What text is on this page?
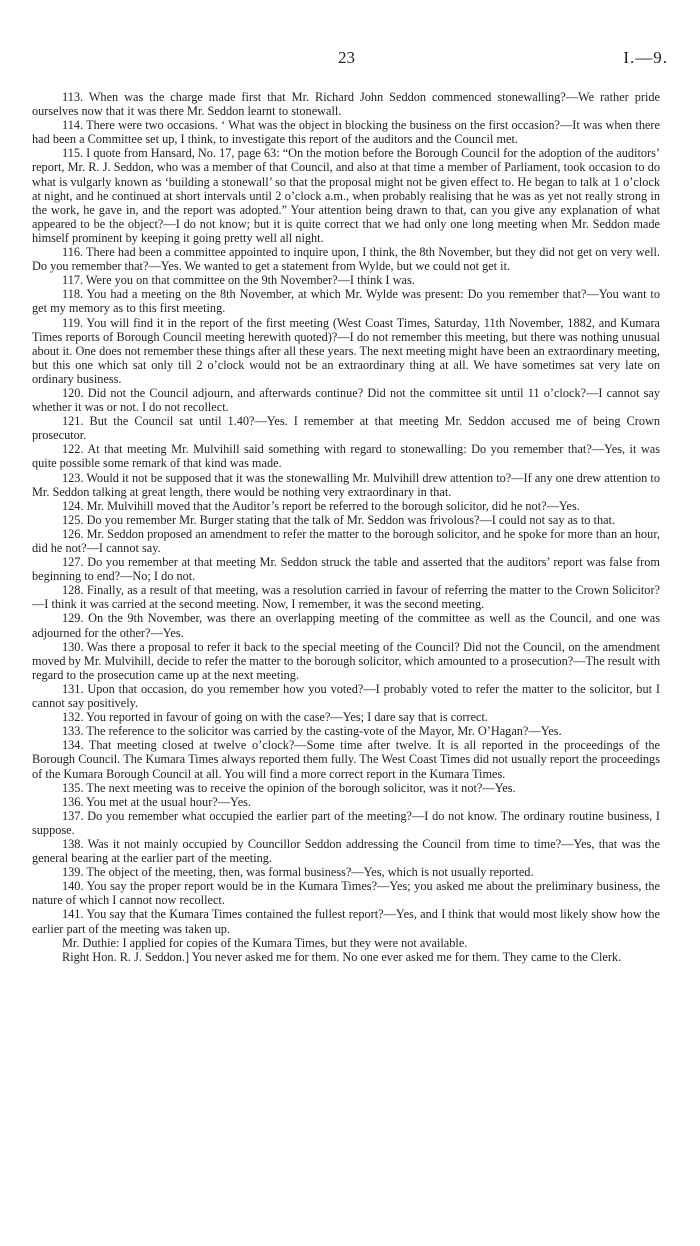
23	I.—9.

113. When was the charge made first that Mr. Richard John Seddon commenced stonewalling?—We rather pride ourselves now that it was there Mr. Seddon learnt to stonewall.

114. There were two occasions. ‘ What was the object in blocking the business on the first occasion?—It was when there had been a Committee set up, I think, to investigate this report of the auditors and the Council met.

115. I quote from Hansard, No. 17, page 63: “On the motion before the Borough Council for the adoption of the auditors’ report, Mr. R. J. Seddon, who was a member of that Council, and also at that time a member of Parliament, took occasion to do what is vulgarly known as ‘building a stonewall’ so that the proposal might not be given effect to. He began to talk at 1 o’clock at night, and he continued at short intervals until 2 o’clock a.m., when probably realising that he was as yet not really strong in the work, he gave in, and the report was adopted.” Your attention being drawn to that, can you give any explanation of what appeared to be the object?—I do not know; but it is quite correct that we had only one long meeting when Mr. Seddon made himself prominent by keeping it going pretty well all night.

116. There had been a committee appointed to inquire upon, I think, the 8th November, but they did not get on very well. Do you remember that?—Yes. We wanted to get a statement from Wylde, but we could not get it.

117. Were you on that committee on the 9th November?—I think I was.

118. You had a meeting on the 8th November, at which Mr. Wylde was present: Do you remember that?—You want to get my memory as to this first meeting.

119. You will find it in the report of the first meeting (West Coast Times, Saturday, 11th November, 1882, and Kumara Times reports of Borough Council meeting herewith quoted)?—I do not remember this meeting, but there was nothing unusual about it. One does not remember these things after all these years. The next meeting might have been an extraordinary meeting, but this one which sat only till 2 o’clock would not be an extraordinary thing at all. We have sometimes sat very late on ordinary business.

120. Did not the Council adjourn, and afterwards continue? Did not the committee sit until 11 o’clock?—I cannot say whether it was or not. I do not recollect.

121. But the Council sat until 1.40?—Yes. I remember at that meeting Mr. Seddon accused me of being Crown prosecutor.

122. At that meeting Mr. Mulvihill said something with regard to stonewalling: Do you remember that?—Yes, it was quite possible some remark of that kind was made.

123. Would it not be supposed that it was the stonewalling Mr. Mulvihill drew attention to?—If any one drew attention to Mr. Seddon talking at great length, there would be nothing very extraordinary in that.

124. Mr. Mulvihill moved that the Auditor’s report be referred to the borough solicitor, did he not?—Yes.

125. Do you remember Mr. Burger stating that the talk of Mr. Seddon was frivolous?—I could not say as to that.

126. Mr. Seddon proposed an amendment to refer the matter to the borough solicitor, and he spoke for more than an hour, did he not?—I cannot say.

127. Do you remember at that meeting Mr. Seddon struck the table and asserted that the auditors’ report was false from beginning to end?—No; I do not.

128. Finally, as a result of that meeting, was a resolution carried in favour of referring the matter to the Crown Solicitor?—I think it was carried at the second meeting. Now, I remember, it was the second meeting.

129. On the 9th November, was there an overlapping meeting of the committee as well as the Council, and one was adjourned for the other?—Yes.

130. Was there a proposal to refer it back to the special meeting of the Council? Did not the Council, on the amendment moved by Mr. Mulvihill, decide to refer the matter to the borough solicitor, which amounted to a prosecution?—The result with regard to the prosecution came up at the next meeting.

131. Upon that occasion, do you remember how you voted?—I probably voted to refer the matter to the solicitor, but I cannot say positively.

132. You reported in favour of going on with the case?—Yes; I dare say that is correct.

133. The reference to the solicitor was carried by the casting-vote of the Mayor, Mr. O’Hagan?—Yes.

134. That meeting closed at twelve o’clock?—Some time after twelve. It is all reported in the proceedings of the Borough Council. The Kumara Times always reported them fully. The West Coast Times did not usually report the proceedings of the Kumara Borough Council at all. You will find a more correct report in the Kumara Times.

135. The next meeting was to receive the opinion of the borough solicitor, was it not?—Yes.

136. You met at the usual hour?—Yes.

137. Do you remember what occupied the earlier part of the meeting?—I do not know. The ordinary routine business, I suppose.

138. Was it not mainly occupied by Councillor Seddon addressing the Council from time to time?—Yes, that was the general bearing at the earlier part of the meeting.

139. The object of the meeting, then, was formal business?—Yes, which is not usually reported.

140. You say the proper report would be in the Kumara Times?—Yes; you asked me about the preliminary business, the nature of which I cannot now recollect.

141. You say that the Kumara Times contained the fullest report?—Yes, and I think that would most likely show how the earlier part of the meeting was taken up.

Mr. Duthie: I applied for copies of the Kumara Times, but they were not available.

Right Hon. R. J. Seddon.] You never asked me for them. No one ever asked me for them. They came to the Clerk.
